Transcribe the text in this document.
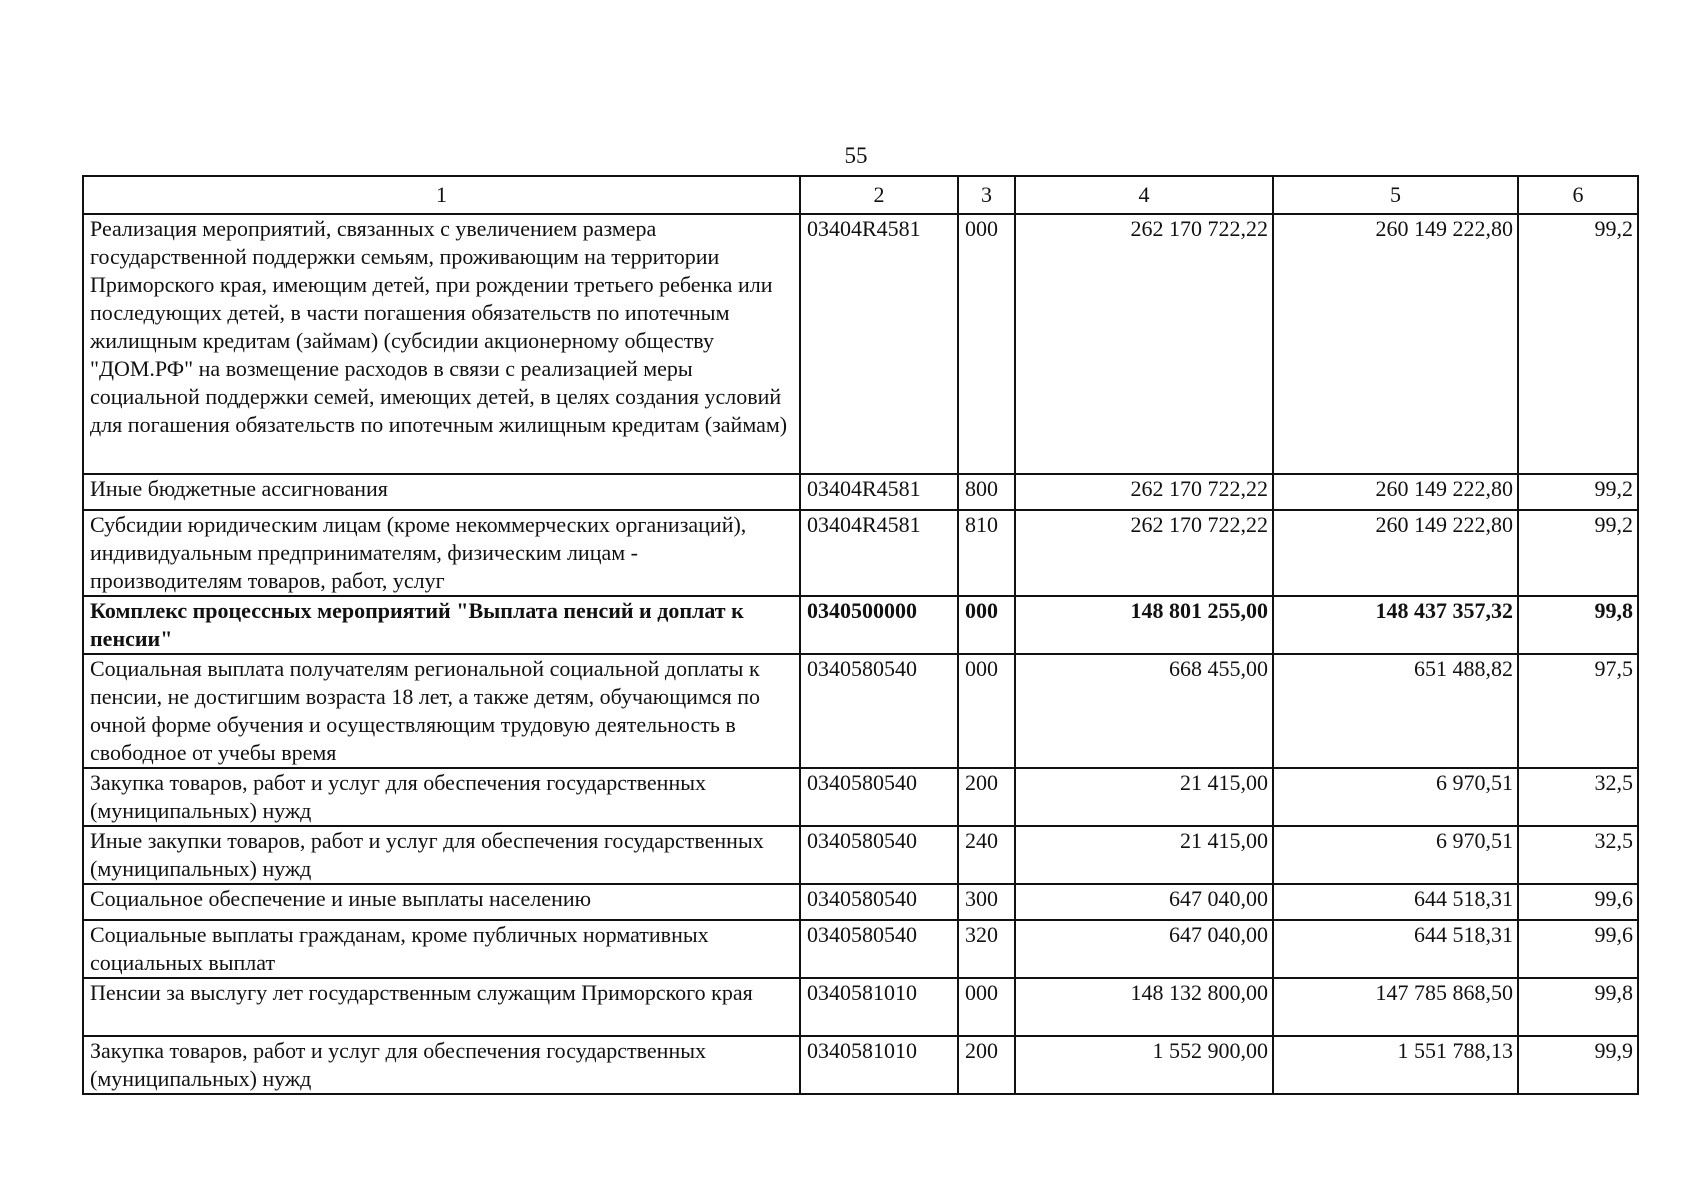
55
1	2	3	4	5	6
Реализация мероприятий, связанных с увеличением размера государственной поддержки семьям, проживающим на территории Приморского края, имеющим детей, при рождении третьего ребенка или последующих детей, в части погашения обязательств по ипотечным жилищным кредитам (займам) (субсидии акционерному обществу "ДОМ.РФ" на возмещение расходов в связи с реализацией меры социальной поддержки семей, имеющих детей, в целях создания условий для погашения обязательств по ипотечным жилищным кредитам (займам)	03404R4581	000	262 170 722,22	260 149 222,80	99,2
Иные бюджетные ассигнования	03404R4581	800	262 170 722,22	260 149 222,80	99,2
Субсидии юридическим лицам (кроме некоммерческих организаций), индивидуальным предпринимателям, физическим лицам - производителям товаров, работ, услуг	03404R4581	810	262 170 722,22	260 149 222,80	99,2
Комплекс процессных мероприятий "Выплата пенсий и доплат к пенсии"	0340500000	000	148 801 255,00	148 437 357,32	99,8
Социальная выплата получателям региональной социальной доплаты к пенсии, не достигшим возраста 18 лет, а также детям, обучающимся по очной форме обучения и осуществляющим трудовую деятельность в свободное от учебы время	0340580540	000	668 455,00	651 488,82	97,5
Закупка товаров, работ и услуг для обеспечения государственных (муниципальных) нужд	0340580540	200	21 415,00	6 970,51	32,5
Иные закупки товаров, работ и услуг для обеспечения государственных (муниципальных) нужд	0340580540	240	21 415,00	6 970,51	32,5
Социальное обеспечение и иные выплаты населению	0340580540	300	647 040,00	644 518,31	99,6
Социальные выплаты гражданам, кроме публичных нормативных социальных выплат	0340580540	320	647 040,00	644 518,31	99,6
Пенсии за выслугу лет государственным служащим Приморского края	0340581010	000	148 132 800,00	147 785 868,50	99,8
Закупка товаров, работ и услуг для обеспечения государственных (муниципальных) нужд	0340581010	200	1 552 900,00	1 551 788,13	99,9
